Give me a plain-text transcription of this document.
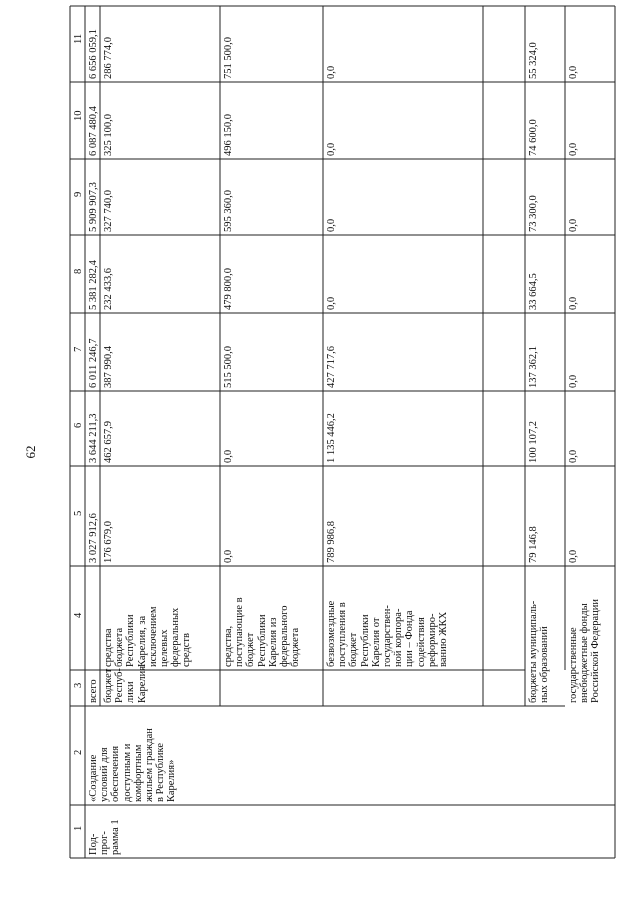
62
1
2
3
4
5
6
7
8
9
10
11
Под-
прог-
рамма 1
«Создание
условий для
обеспечения
доступным и
комфортным
жильем граждан
в Республике
Карелия»
всего бюджет
Респуб-
лики
Карелия	бюджеты муниципаль-
ных образований государственные
внебюджетные фонды
Российской Федерации
средства
бюджета
Республики
Карелия, за
исключением
целевых
федеральных
средств	средства,
поступающие в
бюджет
Республики
Карелия из
федерального
бюджета безвозмездные
поступления в
бюджет
Республики
Карелия от
государствен-
ной корпора-
ции – Фонда
содействия
реформиро-
ванию ЖКХ
3 027 912,6
3 644 211,3
6 011 246,7
5 381 282,4
5 909 907,3
6 087 480,4
6 656 059,1
176 679,0
462 657,9
387 990,4
232 433,6
327 740,0
325 100,0
286 774,0
0,0
0,0
515 500,0
479 800,0
595 360,0
496 150,0
751 500,0
789 986,8
1 135 446,2
427 717,6
0,0
0,0
0,0
0,0
79 146,8
100 107,2
137 362,1
33 664,5
73 300,0
74 600,0
55 324,0
0,0
0,0
0,0
0,0
0,0
0,0
0,0
